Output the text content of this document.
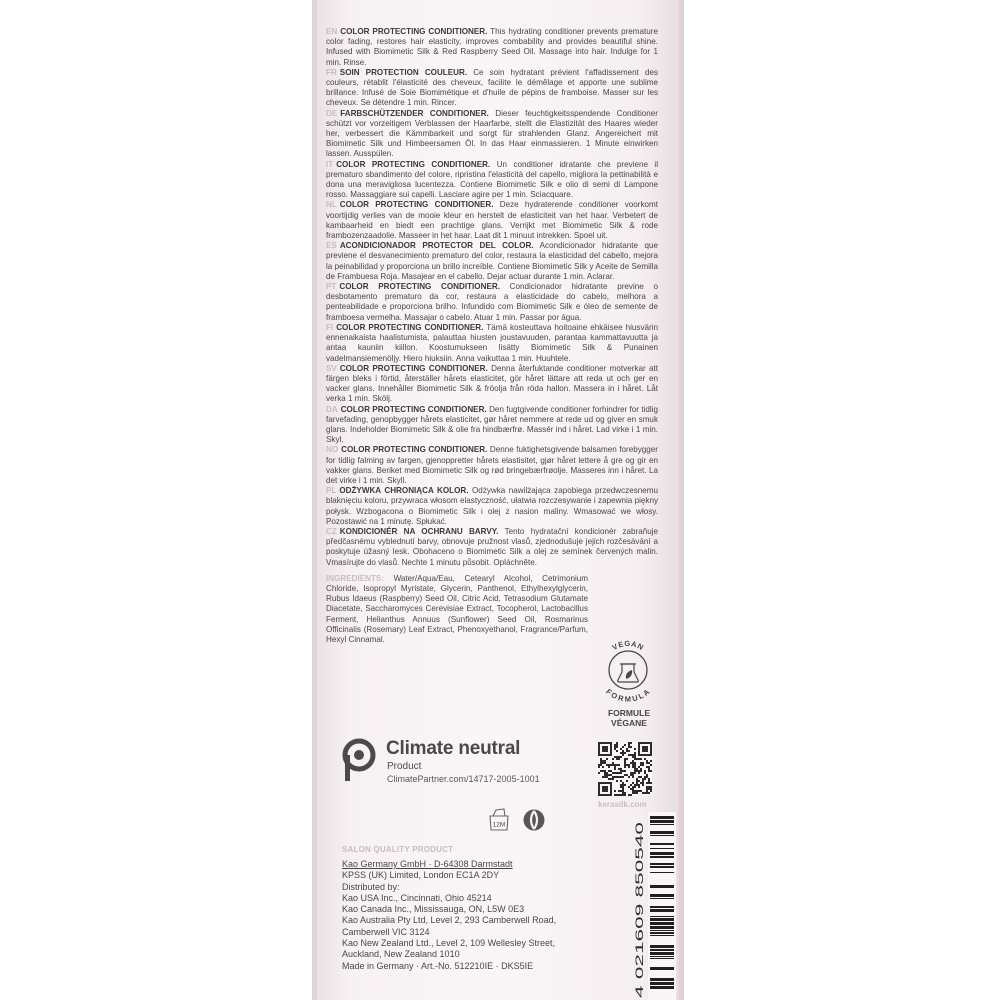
EN COLOR PROTECTING CONDITIONER. This hydrating conditioner prevents premature color fading, restores hair elasticity, improves combability and provides beautiful shine. Infused with Biomimetic Silk & Red Raspberry Seed Oil. Massage into hair. Indulge for 1 min. Rinse.
FR SOIN PROTECTION COULEUR. Ce soin hydratant prévient l'affadissement des couleurs, rétablit l'élasticité des cheveux, facilite le démêlage et apporte une sublime brillance. Infusé de Soie Biomimétique et d'huile de pépins de framboise. Masser sur les cheveux. Se détendre 1 min. Rincer.
DE FARBSCHÜTZENDER CONDITIONER. Dieser feuchtigkeitsspendende Conditioner schützt vor vorzeitigem Verblassen der Haarfarbe, stellt die Elastizität des Haares wieder her, verbessert die Kämmbarkeit und sorgt für strahlenden Glanz. Angereichert mit Biomimetic Silk und Himbeersamen Öl. In das Haar einmassieren. 1 Minute einwirken lassen. Ausspülen.
IT COLOR PROTECTING CONDITIONER. Un conditioner idratante che previene il prematuro sbandimento del colore, ripristina l'elasticità del capello, migliora la pettinabilità e dona una meravigliosa lucentezza. Contiene Biomimetic Silk e olio di semi di Lampone rosso. Massaggiare sui capelli. Lasciare agire per 1 min. Sciacquare.
NL COLOR PROTECTING CONDITIONER. Deze hydraterende conditioner voorkomt voortijdig verlies van de mooie kleur en herstelt de elasticiteit van het haar. Verbetert de kambaarheid en biedt een prachtige glans. Verrijkt met Biomimetic Silk & rode frambozenzaadolie. Masseer in het haar. Laat dit 1 minuut intrekken. Spoel uit.
ES ACONDICIONADOR PROTECTOR DEL COLOR. Acondicionador hidratante que previene el desvanecimiento prematuro del color, restaura la elasticidad del cabello, mejora la peinabilidad y proporciona un brillo increíble. Contiene Biomimetic Silk y Aceite de Semilla de Frambuesa Roja. Masajear en el cabello. Dejar actuar durante 1 min. Aclarar.
PT COLOR PROTECTING CONDITIONER. Condicionador hidratante previne o desbotamento prematuro da cor, restaura a elasticidade do cabelo, melhora a penteabilidade e proporciona brilho. Infundido com Biomimetic Silk e óleo de semente de framboesa vermelha. Massajar o cabelo. Atuar 1 min. Passar por água.
FI COLOR PROTECTING CONDITIONER. Tämä kosteuttava hoitoaine ehkäisee hiusvärin ennenaikaista haalistumista, palauttaa hiusten joustavuuden, parantaa kammattavuutta ja antaa kauniin kiillon. Koostumukseen lisätty Biomimetic Silk & Punainen vadelmansiemenöljy. Hiero hiuksiin. Anna vaikuttaa 1 min. Huuhtele.
SV COLOR PROTECTING CONDITIONER. Denna återfuktande conditioner motverkar att färgen bleks i förtid, återställer hårets elasticitet, gör håret lättare att reda ut och ger en vacker glans. Innehåller Biomimetic Silk & fröolja från röda hallon. Massera in i håret. Låt verka 1 min. Skölj.
DA COLOR PROTECTING CONDITIONER. Den fugtgivende conditioner forhindrer for tidlig farvefading, genopbygger hårets elasticitet, gør håret nemmere at rede ud og giver en smuk glans. Indeholder Biomimetic Silk & olie fra hindbærfrø. Massér ind i håret. Lad virke i 1 min. Skyl.
NO COLOR PROTECTING CONDITIONER. Denne fuktighetsgivende balsamen forebygger for tidlig falming av fargen, gjenoppretter hårets elastisitet, gjør håret lettere å gre og gir en vakker glans. Beriket med Biomimetic Silk og rød bringebærfrøolje. Masseres inn i håret. La det virke i 1 min. Skyll.
PL ODŻYWKA CHRONIĄCA KOLOR. Odżywka nawilżająca zapobiega przedwczesnemu blaknięciu koloru, przywraca włosom elastyczność, ułatwia rozczesywanie i zapewnia piękny połysk. Wzbogacona o Biomimetic Silk i olej z nasion maliny. Wmasować we włosy. Pozostawić na 1 minutę. Spłukać.
CZ KONDICIONÉR NA OCHRANU BARVY. Tento hydratační kondicionér zabraňuje předčasnému vyblednutí barvy, obnovuje pružnost vlasů, zjednodušuje jejich rozčesávání a poskytuje úžasný lesk. Obohaceno o Biomimetic Silk a olej ze semínek červených malin. Vmasírujte do vlasů. Nechte 1 minutu působit. Opláchněte.
INGREDIENTS: Water/Aqua/Eau, Cetearyl Alcohol, Cetrimonium Chloride, Isopropyl Myristate, Glycerin, Panthenol, Ethylhexylglycerin, Rubus Idaeus (Raspberry) Seed Oil, Citric Acid, Tetrasodium Glutamate Diacetate, Saccharomyces Cerevisiae Extract, Tocopherol, Lactobacillus Ferment, Helianthus Annuus (Sunflower) Seed Oil, Rosmarinus Officinalis (Rosemary) Leaf Extract, Phenoxyethanol, Fragrance/Parfum, Hexyl Cinnamal.
VEGAN
FORMULA
FORMULE
VÉGANE
Climate neutral
Product
ClimatePartner.com/14717-2005-1001
kerasilk.com
12M
SALON QUALITY PRODUCT
Kao Germany GmbH · D-64308 Darmstadt
KPSS (UK) Limited, London EC1A 2DY
Distributed by:
Kao USA Inc., Cincinnati, Ohio 45214
Kao Canada Inc., Mississauga, ON, L5W 0E3
Kao Australia Pty Ltd, Level 2, 293 Camberwell Road,
Camberwell VIC 3124
Kao New Zealand Ltd., Level 2, 109 Wellesley Street,
Auckland, New Zealand 1010
Made in Germany · Art.-No. 512210IE · DKS5IE	4 021609 850540
